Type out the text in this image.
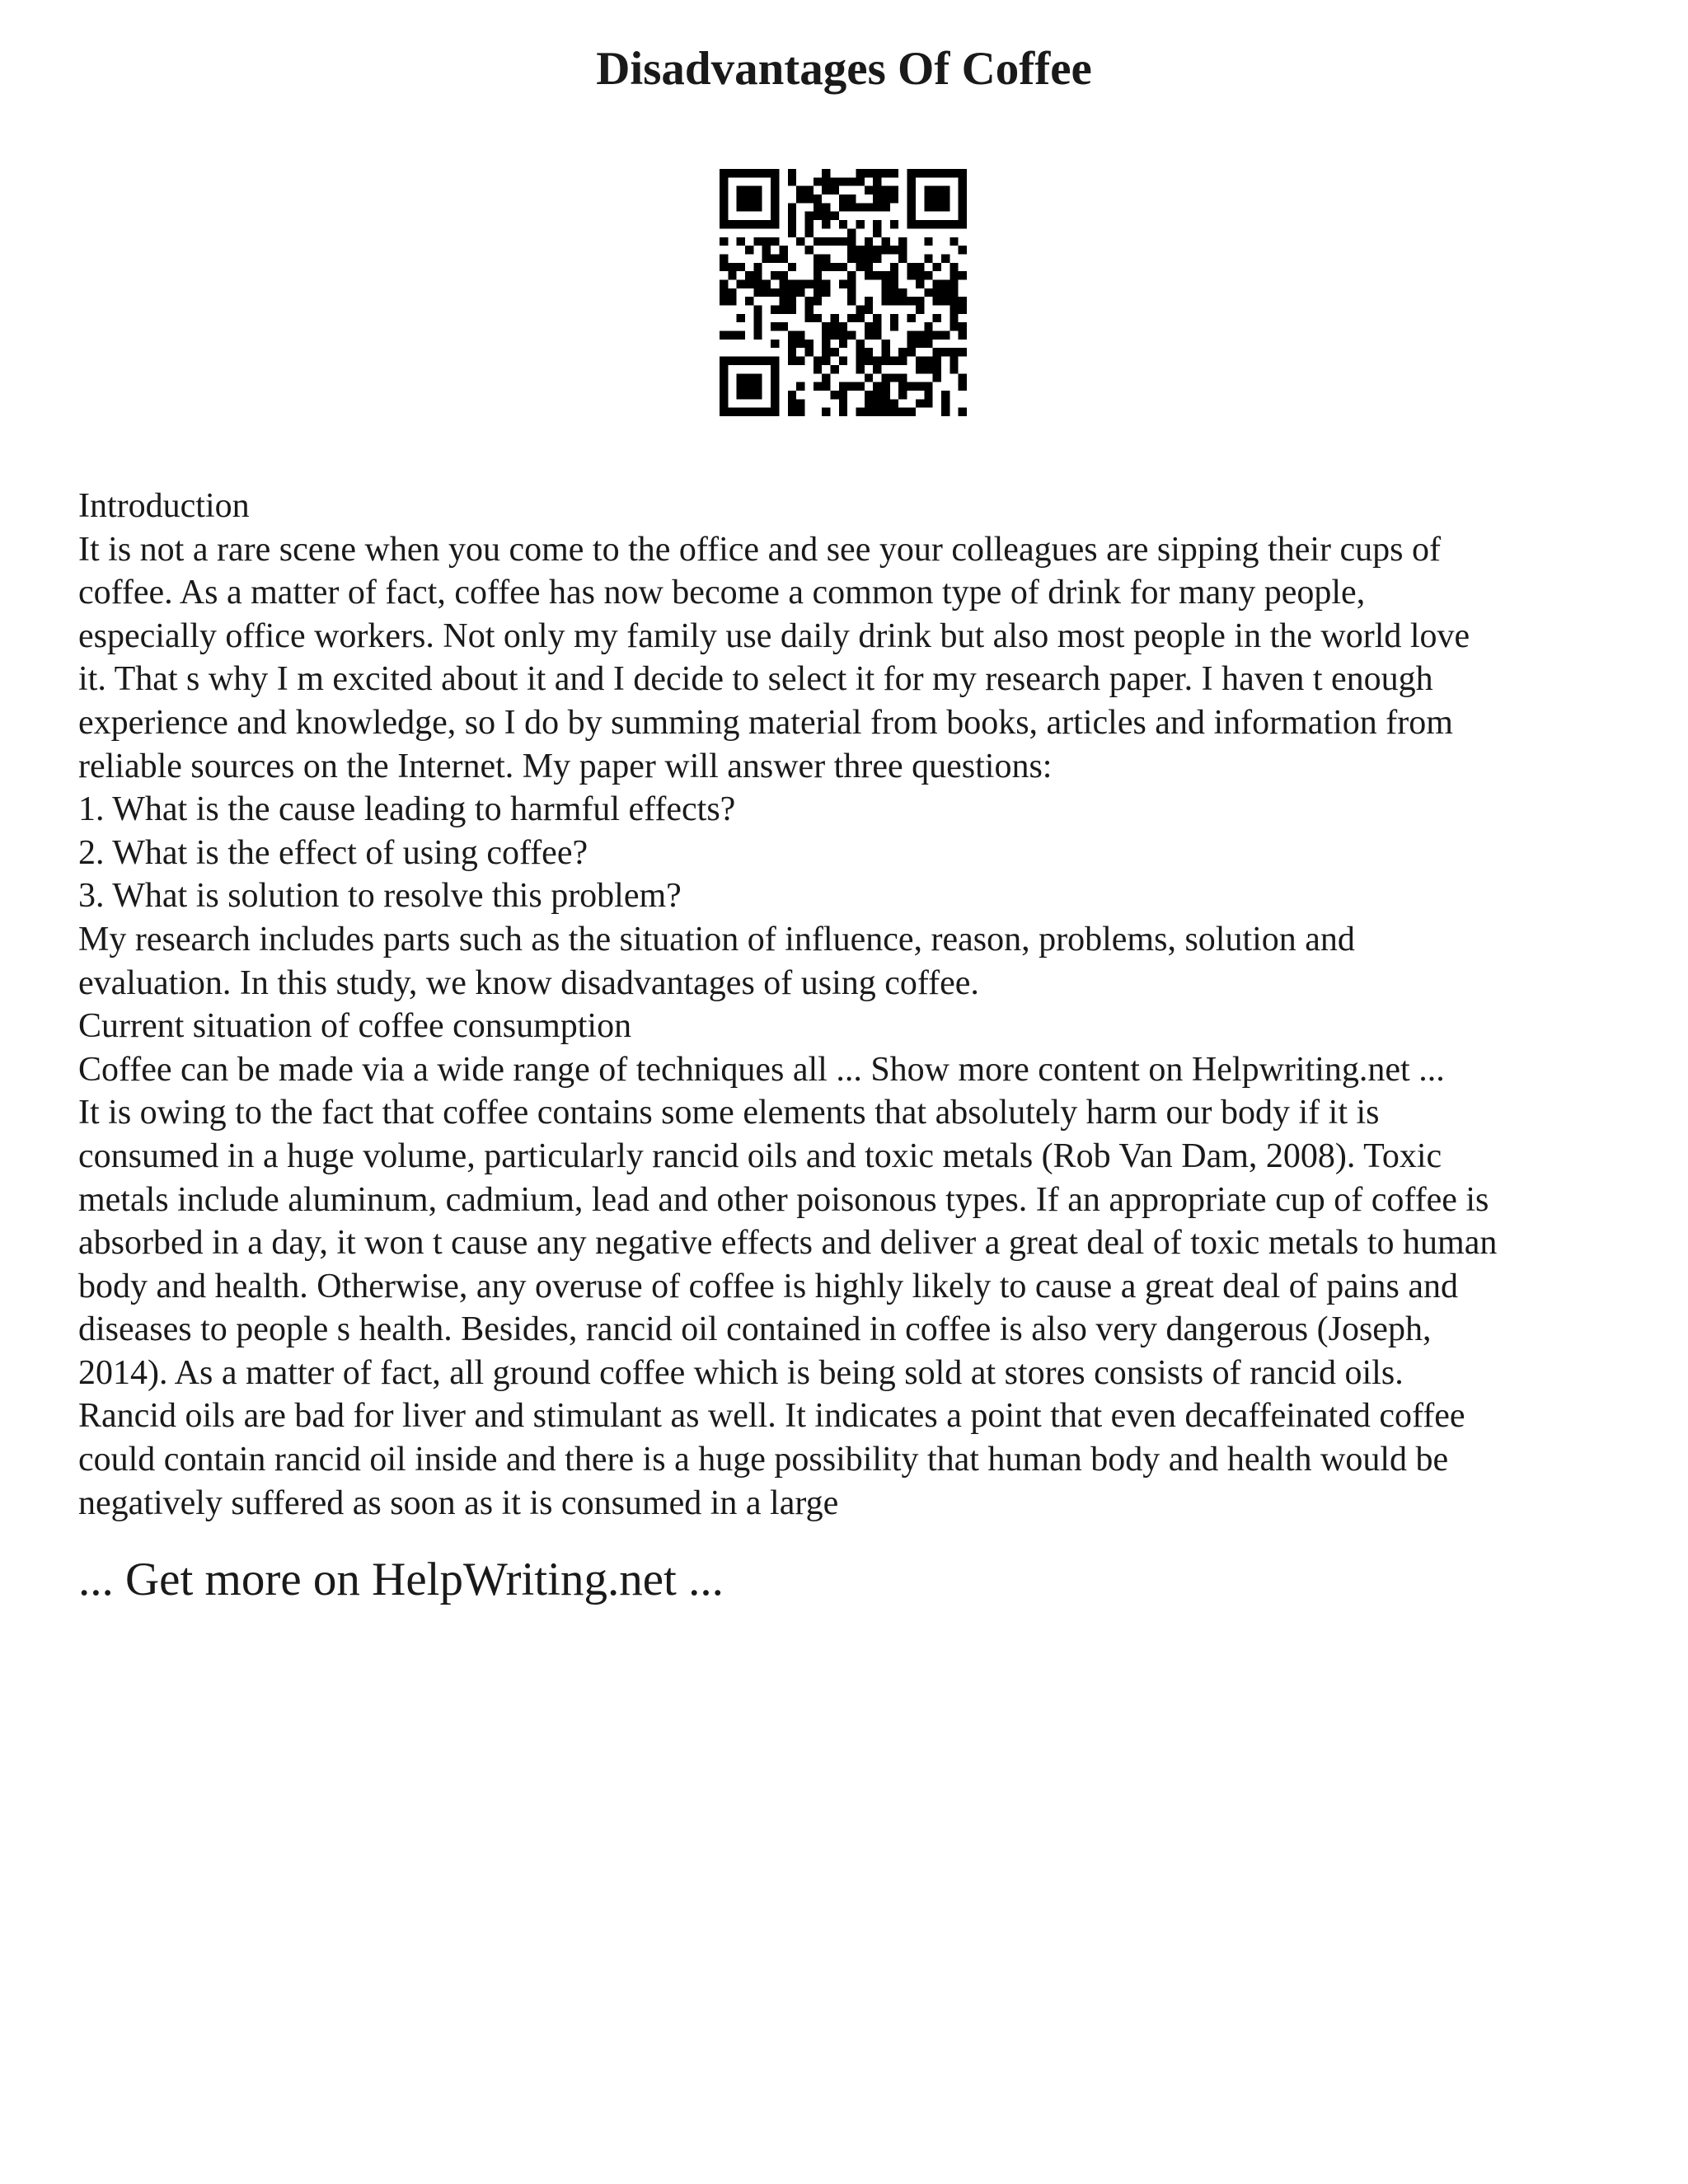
Disadvantages Of Coffee
Introduction
It is not a rare scene when you come to the office and see your colleagues are sipping their cups of
coffee. As a matter of fact, coffee has now become a common type of drink for many people,
especially office workers. Not only my family use daily drink but also most people in the world love
it. That s why I m excited about it and I decide to select it for my research paper. I haven t enough
experience and knowledge, so I do by summing material from books, articles and information from
reliable sources on the Internet. My paper will answer three questions:
1. What is the cause leading to harmful effects?
2. What is the effect of using coffee?
3. What is solution to resolve this problem?
My research includes parts such as the situation of influence, reason, problems, solution and
evaluation. In this study, we know disadvantages of using coffee.
Current situation of coffee consumption
Coffee can be made via a wide range of techniques all ... Show more content on Helpwriting.net ...
It is owing to the fact that coffee contains some elements that absolutely harm our body if it is
consumed in a huge volume, particularly rancid oils and toxic metals (Rob Van Dam, 2008). Toxic
metals include aluminum, cadmium, lead and other poisonous types. If an appropriate cup of coffee is
absorbed in a day, it won t cause any negative effects and deliver a great deal of toxic metals to human
body and health. Otherwise, any overuse of coffee is highly likely to cause a great deal of pains and
diseases to people s health. Besides, rancid oil contained in coffee is also very dangerous (Joseph,
2014). As a matter of fact, all ground coffee which is being sold at stores consists of rancid oils.
Rancid oils are bad for liver and stimulant as well. It indicates a point that even decaffeinated coffee
could contain rancid oil inside and there is a huge possibility that human body and health would be
negatively suffered as soon as it is consumed in a large
... Get more on HelpWriting.net ...
